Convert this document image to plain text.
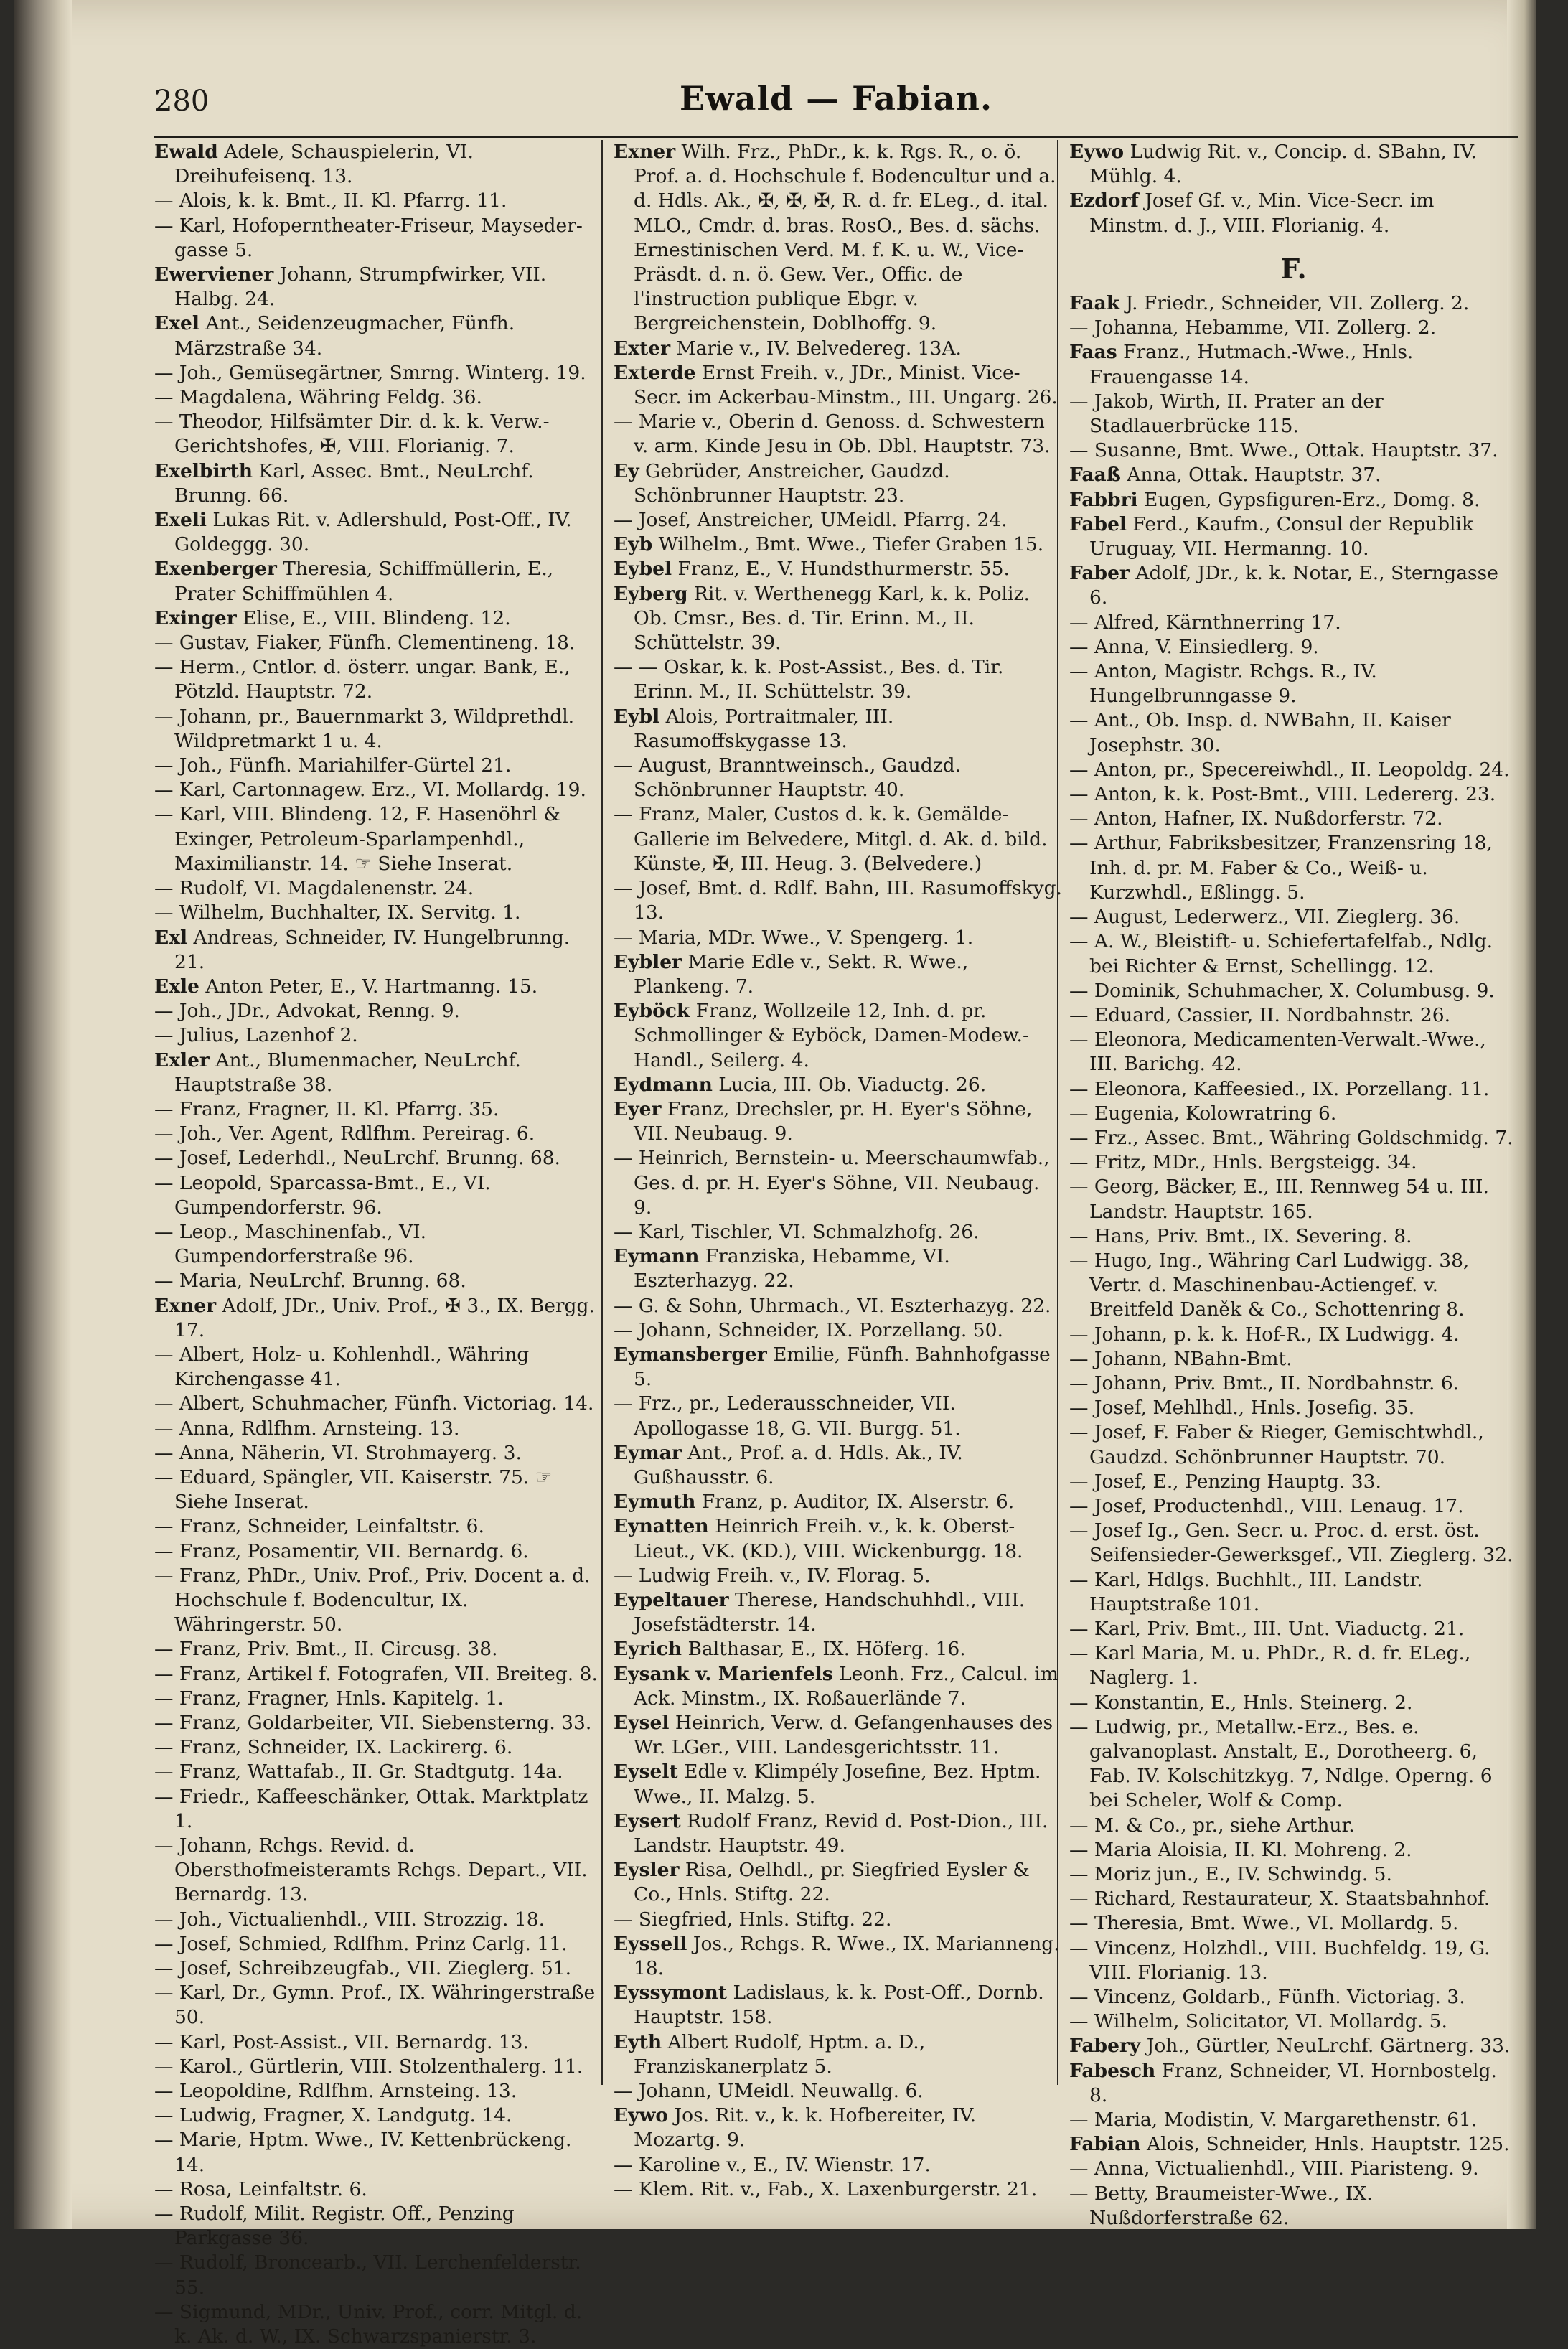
280	Ewald — Fabian.

Ewald Adele, Schauspielerin, VI. Dreihufeisenq. 13.

— Alois, k. k. Bmt., II. Kl. Pfarrg. 11.

— Karl, Hofoperntheater-Friseur, Mayseder-gasse 5.

Ewerviener Johann, Strumpfwirker, VII. Halbg. 24.

Exel Ant., Seidenzeugmacher, Fünfh. Märzstraße 34.

— Joh., Gemüsegärtner, Smrng. Winterg. 19.

— Magdalena, Währing Feldg. 36.

— Theodor, Hilfsämter Dir. d. k. k. Verw.-Gerichtshofes, ✠, VIII. Florianig. 7.

Exelbirth Karl, Assec. Bmt., NeuLrchf. Brunng. 66.

Exeli Lukas Rit. v. Adlershuld, Post-Off., IV. Goldeggg. 30.

Exenberger Theresia, Schiffmüllerin, E., Prater Schiffmühlen 4.

Exinger Elise, E., VIII. Blindeng. 12.

— Gustav, Fiaker, Fünfh. Clementineng. 18.

— Herm., Cntlor. d. österr. ungar. Bank, E., Pötzld. Hauptstr. 72.

— Johann, pr., Bauernmarkt 3, Wildprethdl. Wildpretmarkt 1 u. 4.

— Joh., Fünfh. Mariahilfer-Gürtel 21.

— Karl, Cartonnagew. Erz., VI. Mollardg. 19.

— Karl, VIII. Blindeng. 12, F. Hasenöhrl & Exinger, Petroleum-Sparlampenhdl., Maximilianstr. 14. ☞ Siehe Inserat.

— Rudolf, VI. Magdalenenstr. 24.

— Wilhelm, Buchhalter, IX. Servitg. 1.

Exl Andreas, Schneider, IV. Hungelbrunng. 21.

Exle Anton Peter, E., V. Hartmanng. 15.

— Joh., JDr., Advokat, Renng. 9.

— Julius, Lazenhof 2.

Exler Ant., Blumenmacher, NeuLrchf. Hauptstraße 38.

— Franz, Fragner, II. Kl. Pfarrg. 35.

— Joh., Ver. Agent, Rdlfhm. Pereirag. 6.

— Josef, Lederhdl., NeuLrchf. Brunng. 68.

— Leopold, Sparcassa-Bmt., E., VI. Gumpendorferstr. 96.

— Leop., Maschinenfab., VI. Gumpendorferstraße 96.

— Maria, NeuLrchf. Brunng. 68.

Exner Adolf, JDr., Univ. Prof., ✠ 3., IX. Bergg. 17.

— Albert, Holz- u. Kohlenhdl., Währing Kirchengasse 41.

— Albert, Schuhmacher, Fünfh. Victoriag. 14.

— Anna, Rdlfhm. Arnsteing. 13.

— Anna, Näherin, VI. Strohmayerg. 3.

— Eduard, Spängler, VII. Kaiserstr. 75. ☞ Siehe Inserat.

— Franz, Schneider, Leinfaltstr. 6.

— Franz, Posamentir, VII. Bernardg. 6.

— Franz, PhDr., Univ. Prof., Priv. Docent a. d. Hochschule f. Bodencultur, IX. Währingerstr. 50.

— Franz, Priv. Bmt., II. Circusg. 38.

— Franz, Artikel f. Fotografen, VII. Breiteg. 8.

— Franz, Fragner, Hnls. Kapitelg. 1.

— Franz, Goldarbeiter, VII. Siebensterng. 33.

— Franz, Schneider, IX. Lackirerg. 6.

— Franz, Wattafab., II. Gr. Stadtgutg. 14a.

— Friedr., Kaffeeschänker, Ottak. Marktplatz 1.

— Johann, Rchgs. Revid. d. Obersthofmeisteramts Rchgs. Depart., VII. Bernardg. 13.

— Joh., Victualienhdl., VIII. Strozzig. 18.

— Josef, Schmied, Rdlfhm. Prinz Carlg. 11.

— Josef, Schreibzeugfab., VII. Zieglerg. 51.

— Karl, Dr., Gymn. Prof., IX. Währingerstraße 50.

— Karl, Post-Assist., VII. Bernardg. 13.

— Karol., Gürtlerin, VIII. Stolzenthalerg. 11.

— Leopoldine, Rdlfhm. Arnsteing. 13.

— Ludwig, Fragner, X. Landgutg. 14.

— Marie, Hptm. Wwe., IV. Kettenbrückeng. 14.

— Rosa, Leinfaltstr. 6.

— Rudolf, Milit. Registr. Off., Penzing Parkgasse 36.

— Rudolf, Broncearb., VII. Lerchenfelderstr. 55.

— Sigmund, MDr., Univ. Prof., corr. Mitgl. d. k. Ak. d. W., IX. Schwarzspanierstr. 3.

Exner Wilh. Frz., PhDr., k. k. Rgs. R., o. ö. Prof. a. d. Hochschule f. Bodencultur und a. d. Hdls. Ak., ✠, ✠, ✠, R. d. fr. ELeg., d. ital. MLO., Cmdr. d. bras. RosO., Bes. d. sächs. Ernestinischen Verd. M. f. K. u. W., Vice-Präsdt. d. n. ö. Gew. Ver., Offic. de l'instruction publique Ebgr. v. Bergreichenstein, Doblhoffg. 9.

Exter Marie v., IV. Belvedereg. 13A.

Exterde Ernst Freih. v., JDr., Minist. Vice-Secr. im Ackerbau-Minstm., III. Ungarg. 26.

— Marie v., Oberin d. Genoss. d. Schwestern v. arm. Kinde Jesu in Ob. Dbl. Hauptstr. 73.

Ey Gebrüder, Anstreicher, Gaudzd. Schönbrunner Hauptstr. 23.

— Josef, Anstreicher, UMeidl. Pfarrg. 24.

Eyb Wilhelm., Bmt. Wwe., Tiefer Graben 15.

Eybel Franz, E., V. Hundsthurmerstr. 55.

Eyberg Rit. v. Werthenegg Karl, k. k. Poliz. Ob. Cmsr., Bes. d. Tir. Erinn. M., II. Schüttelstr. 39.

— — Oskar, k. k. Post-Assist., Bes. d. Tir. Erinn. M., II. Schüttelstr. 39.

Eybl Alois, Portraitmaler, III. Rasumoffskygasse 13.

— August, Branntweinsch., Gaudzd. Schönbrunner Hauptstr. 40.

— Franz, Maler, Custos d. k. k. Gemälde-Gallerie im Belvedere, Mitgl. d. Ak. d. bild. Künste, ✠, III. Heug. 3. (Belvedere.)

— Josef, Bmt. d. Rdlf. Bahn, III. Rasumoffskyg. 13.

— Maria, MDr. Wwe., V. Spengerg. 1.

Eybler Marie Edle v., Sekt. R. Wwe., Plankeng. 7.

Eyböck Franz, Wollzeile 12, Inh. d. pr. Schmollinger & Eyböck, Damen-Modew.-Handl., Seilerg. 4.

Eydmann Lucia, III. Ob. Viaductg. 26.

Eyer Franz, Drechsler, pr. H. Eyer's Söhne, VII. Neubaug. 9.

— Heinrich, Bernstein- u. Meerschaumwfab., Ges. d. pr. H. Eyer's Söhne, VII. Neubaug. 9.

— Karl, Tischler, VI. Schmalzhofg. 26.

Eymann Franziska, Hebamme, VI. Eszterhazyg. 22.

— G. & Sohn, Uhrmach., VI. Eszterhazyg. 22.

— Johann, Schneider, IX. Porzellang. 50.

Eymansberger Emilie, Fünfh. Bahnhofgasse 5.

— Frz., pr., Lederausschneider, VII. Apollogasse 18, G. VII. Burgg. 51.

Eymar Ant., Prof. a. d. Hdls. Ak., IV. Gußhausstr. 6.

Eymuth Franz, p. Auditor, IX. Alserstr. 6.

Eynatten Heinrich Freih. v., k. k. Oberst-Lieut., VK. (KD.), VIII. Wickenburgg. 18.

— Ludwig Freih. v., IV. Florag. 5.

Eypeltauer Therese, Handschuhhdl., VIII. Josefstädterstr. 14.

Eyrich Balthasar, E., IX. Höferg. 16.

Eysank v. Marienfels Leonh. Frz., Calcul. im Ack. Minstm., IX. Roßauerlände 7.

Eysel Heinrich, Verw. d. Gefangenhauses des Wr. LGer., VIII. Landesgerichtsstr. 11.

Eyselt Edle v. Klimpély Josefine, Bez. Hptm. Wwe., II. Malzg. 5.

Eysert Rudolf Franz, Revid d. Post-Dion., III. Landstr. Hauptstr. 49.

Eysler Risa, Oelhdl., pr. Siegfried Eysler & Co., Hnls. Stiftg. 22.

— Siegfried, Hnls. Stiftg. 22.

Eyssell Jos., Rchgs. R. Wwe., IX. Marianneng. 18.

Eyssymont Ladislaus, k. k. Post-Off., Dornb. Hauptstr. 158.

Eyth Albert Rudolf, Hptm. a. D., Franziskanerplatz 5.

— Johann, UMeidl. Neuwallg. 6.

Eywo Jos. Rit. v., k. k. Hofbereiter, IV. Mozartg. 9.

— Karoline v., E., IV. Wienstr. 17.

— Klem. Rit. v., Fab., X. Laxenburgerstr. 21.

Eywo Ludwig Rit. v., Concip. d. SBahn, IV. Mühlg. 4.

Ezdorf Josef Gf. v., Min. Vice-Secr. im Minstm. d. J., VIII. Florianig. 4.

F.

Faak J. Friedr., Schneider, VII. Zollerg. 2.

— Johanna, Hebamme, VII. Zollerg. 2.

Faas Franz., Hutmach.-Wwe., Hnls. Frauengasse 14.

— Jakob, Wirth, II. Prater an der Stadlauerbrücke 115.

— Susanne, Bmt. Wwe., Ottak. Hauptstr. 37.

Faaß Anna, Ottak. Hauptstr. 37.

Fabbri Eugen, Gypsfiguren-Erz., Domg. 8.

Fabel Ferd., Kaufm., Consul der Republik Uruguay, VII. Hermanng. 10.

Faber Adolf, JDr., k. k. Notar, E., Sterngasse 6.

— Alfred, Kärnthnerring 17.

— Anna, V. Einsiedlerg. 9.

— Anton, Magistr. Rchgs. R., IV. Hungelbrunngasse 9.

— Ant., Ob. Insp. d. NWBahn, II. Kaiser Josephstr. 30.

— Anton, pr., Specereiwhdl., II. Leopoldg. 24.

— Anton, k. k. Post-Bmt., VIII. Ledererg. 23.

— Anton, Hafner, IX. Nußdorferstr. 72.

— Arthur, Fabriksbesitzer, Franzensring 18, Inh. d. pr. M. Faber & Co., Weiß- u. Kurzwhdl., Eßlingg. 5.

— August, Lederwerz., VII. Zieglerg. 36.

— A. W., Bleistift- u. Schiefertafelfab., Ndlg. bei Richter & Ernst, Schellingg. 12.

— Dominik, Schuhmacher, X. Columbusg. 9.

— Eduard, Cassier, II. Nordbahnstr. 26.

— Eleonora, Medicamenten-Verwalt.-Wwe., III. Barichg. 42.

— Eleonora, Kaffeesied., IX. Porzellang. 11.

— Eugenia, Kolowratring 6.

— Frz., Assec. Bmt., Währing Goldschmidg. 7.

— Fritz, MDr., Hnls. Bergsteigg. 34.

— Georg, Bäcker, E., III. Rennweg 54 u. III. Landstr. Hauptstr. 165.

— Hans, Priv. Bmt., IX. Severing. 8.

— Hugo, Ing., Währing Carl Ludwigg. 38, Vertr. d. Maschinenbau-Actiengef. v. Breitfeld Daněk & Co., Schottenring 8.

— Johann, p. k. k. Hof-R., IX Ludwigg. 4.

— Johann, NBahn-Bmt.

— Johann, Priv. Bmt., II. Nordbahnstr. 6.

— Josef, Mehlhdl., Hnls. Josefig. 35.

— Josef, F. Faber & Rieger, Gemischtwhdl., Gaudzd. Schönbrunner Hauptstr. 70.

— Josef, E., Penzing Hauptg. 33.

— Josef, Productenhdl., VIII. Lenaug. 17.

— Josef Ig., Gen. Secr. u. Proc. d. erst. öst. Seifensieder-Gewerksgef., VII. Zieglerg. 32.

— Karl, Hdlgs. Buchhlt., III. Landstr. Hauptstraße 101.

— Karl, Priv. Bmt., III. Unt. Viaductg. 21.

— Karl Maria, M. u. PhDr., R. d. fr. ELeg., Naglerg. 1.

— Konstantin, E., Hnls. Steinerg. 2.

— Ludwig, pr., Metallw.-Erz., Bes. e. galvanoplast. Anstalt, E., Dorotheerg. 6, Fab. IV. Kolschitzkyg. 7, Ndlge. Operng. 6 bei Scheler, Wolf & Comp.

— M. & Co., pr., siehe Arthur.

— Maria Aloisia, II. Kl. Mohreng. 2.

— Moriz jun., E., IV. Schwindg. 5.

— Richard, Restaurateur, X. Staatsbahnhof.

— Theresia, Bmt. Wwe., VI. Mollardg. 5.

— Vincenz, Holzhdl., VIII. Buchfeldg. 19, G. VIII. Florianig. 13.

— Vincenz, Goldarb., Fünfh. Victoriag. 3.

— Wilhelm, Solicitator, VI. Mollardg. 5.

Fabery Joh., Gürtler, NeuLrchf. Gärtnerg. 33.

Fabesch Franz, Schneider, VI. Hornbostelg. 8.

— Maria, Modistin, V. Margarethenstr. 61.

Fabian Alois, Schneider, Hnls. Hauptstr. 125.

— Anna, Victualienhdl., VIII. Piaristeng. 9.

— Betty, Braumeister-Wwe., IX. Nußdorferstraße 62.
